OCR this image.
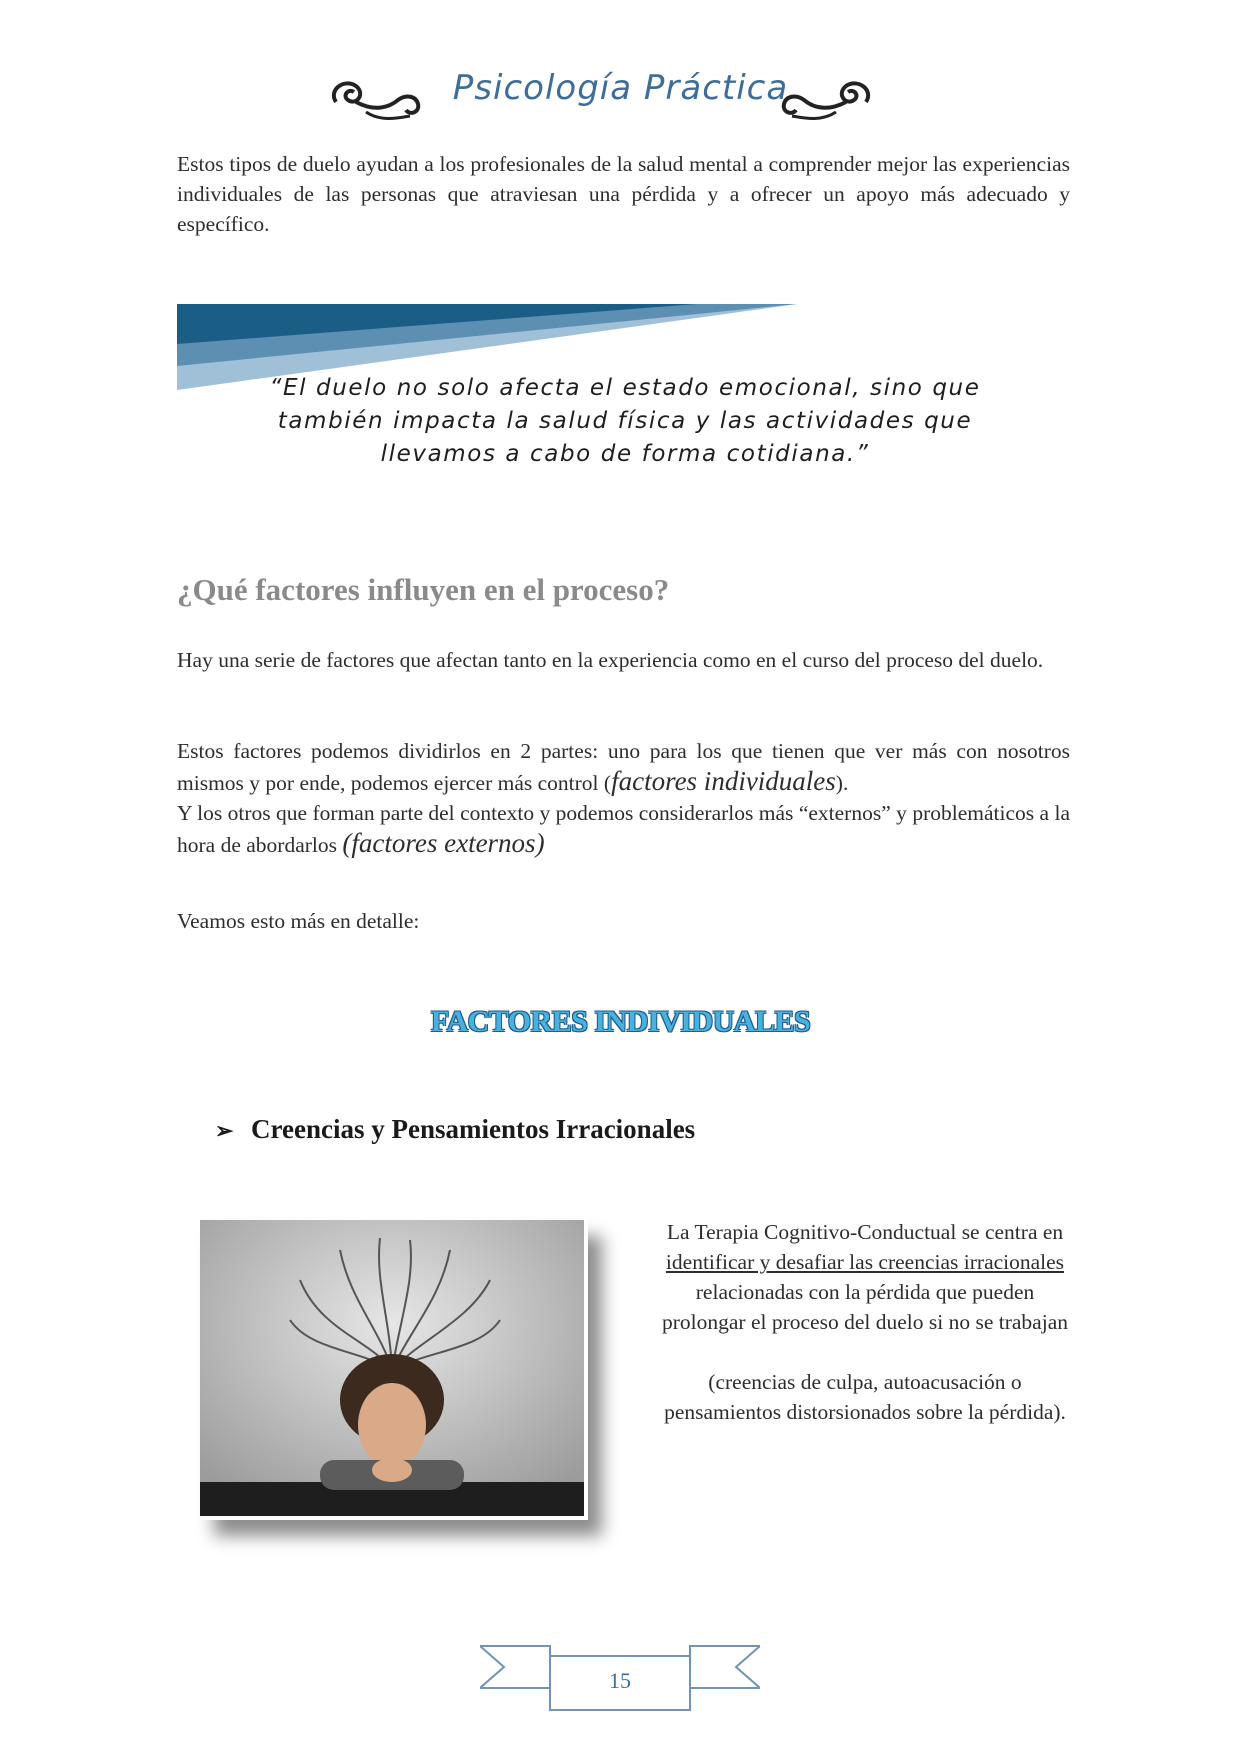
Psicología Práctica
Estos tipos de duelo ayudan a los profesionales de la salud mental a comprender mejor las experiencias individuales de las personas que atraviesan una pérdida y a ofrecer un apoyo más adecuado y específico.
“El duelo no solo afecta el estado emocional, sino que también impacta la salud física y las actividades que llevamos a cabo de forma cotidiana.”
¿Qué factores influyen en el proceso?
Hay una serie de factores que afectan tanto en la experiencia como en el curso del proceso del duelo.
Estos factores podemos dividirlos en 2 partes: uno para los que tienen que ver más con nosotros mismos y por ende, podemos ejercer más control (factores individuales).
Y los otros que forman parte del contexto y podemos considerarlos más “externos” y problemáticos a la hora de abordarlos (factores externos)
Veamos esto más en detalle:
FACTORES INDIVIDUALES
➢ Creencias y Pensamientos Irracionales
La Terapia Cognitivo-Conductual se centra en identificar y desafiar las creencias irracionales relacionadas con la pérdida que pueden prolongar el proceso del duelo si no se trabajan

(creencias de culpa, autoacusación o pensamientos distorsionados sobre la pérdida).
15
